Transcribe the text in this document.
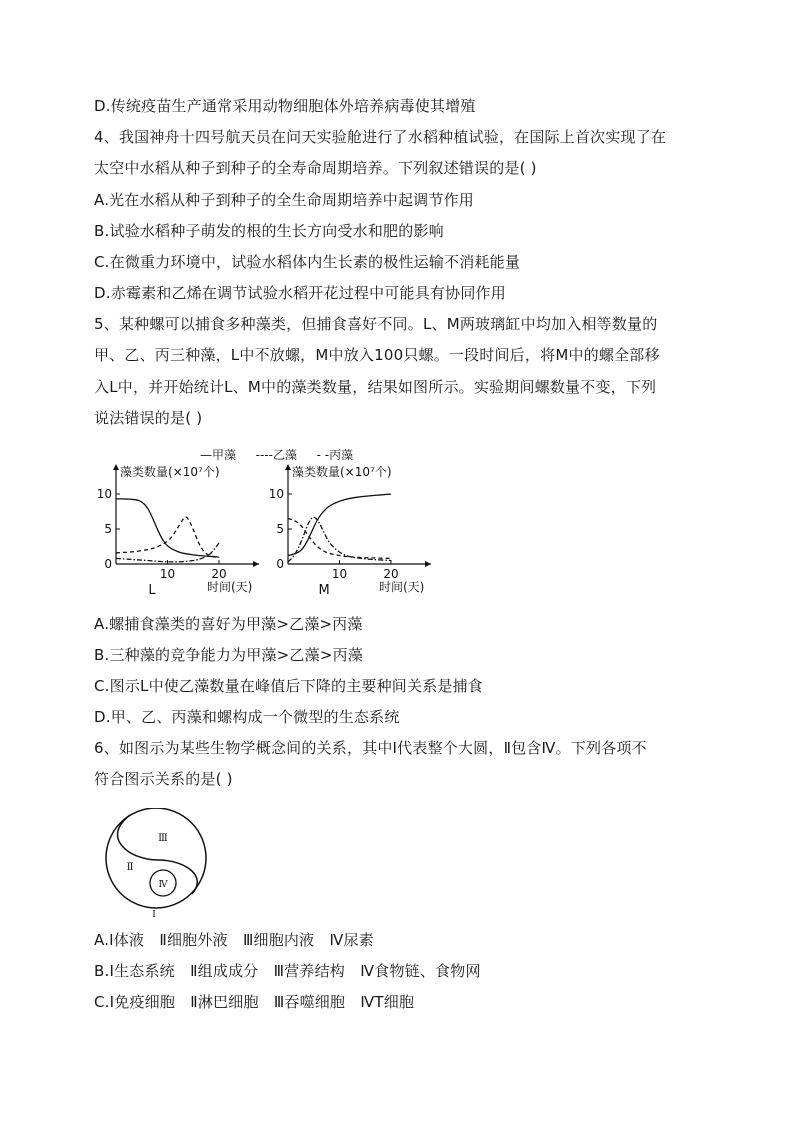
D.传统疫苗生产通常采用动物细胞体外培养病毒使其增殖
4、我国神舟十四号航天员在问天实验舱进行了水稻种植试验，在国际上首次实现了在
太空中水稻从种子到种子的全寿命周期培养。下列叙述错误的是( )
A.光在水稻从种子到种子的全生命周期培养中起调节作用
B.试验水稻种子萌发的根的生长方向受水和肥的影响
C.在微重力环境中，试验水稻体内生长素的极性运输不消耗能量
D.赤霉素和乙烯在调节试验水稻开花过程中可能具有协同作用
5、某种螺可以捕食多种藻类，但捕食喜好不同。L、M两玻璃缸中均加入相等数量的
甲、乙、丙三种藻，L中不放螺，M中放入100只螺。一段时间后，将M中的螺全部移
入L中，并开始统计L、M中的藻类数量，结果如图所示。实验期间螺数量不变，下列
说法错误的是( )
—甲藻 ----乙藻 - -丙藻
藻类数量(×10⁷个)
5
10
0
10	20
时间(天)
L
藻类数量(×10⁷个)
5
10
0
10	20
时间(天)
M
A.螺捕食藻类的喜好为甲藻>乙藻>丙藻
B.三种藻的竞争能力为甲藻>乙藻>丙藻
C.图示L中使乙藻数量在峰值后下降的主要种间关系是捕食
D.甲、乙、丙藻和螺构成一个微型的生态系统
6、如图示为某些生物学概念间的关系，其中Ⅰ代表整个大圆，Ⅱ包含Ⅳ。下列各项不
符合图示关系的是( )
Ⅲ
Ⅱ
Ⅳ
Ⅰ
A.Ⅰ体液　Ⅱ细胞外液　Ⅲ细胞内液　Ⅳ尿素
B.Ⅰ生态系统　Ⅱ组成成分　Ⅲ营养结构　Ⅳ食物链、食物网
C.Ⅰ免疫细胞　Ⅱ淋巴细胞　Ⅲ吞噬细胞　ⅣT细胞
